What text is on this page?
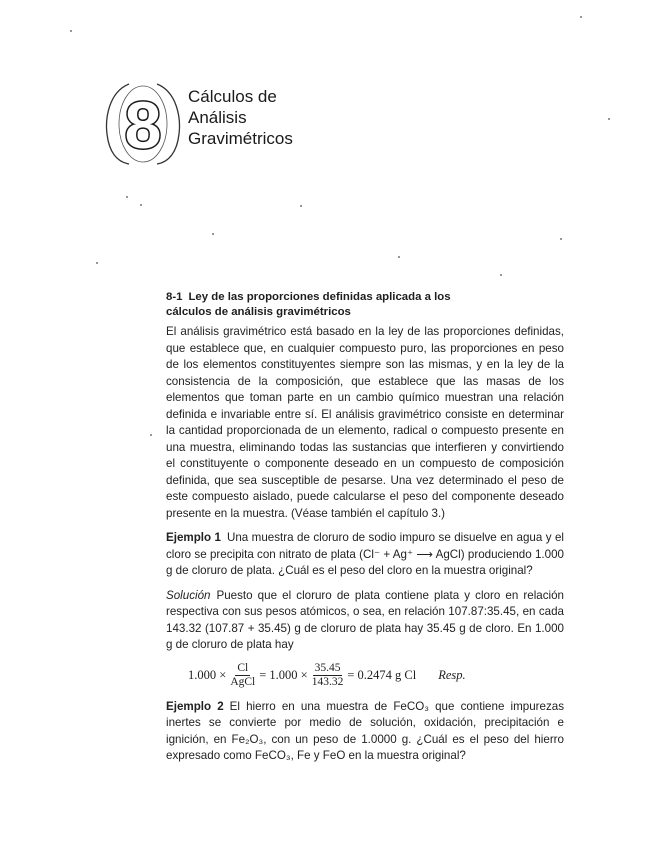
8 Cálculos de
Análisis
Gravimétricos
8-1 Ley de las proporciones definidas aplicada a los
cálculos de análisis gravimétricos

El análisis gravimétrico está basado en la ley de las proporciones definidas, que establece que, en cualquier compuesto puro, las proporciones en peso de los elementos constituyentes siempre son las mismas, y en la ley de la consistencia de la composición, que establece que las masas de los elementos que toman parte en un cambio químico muestran una relación definida e invariable entre sí. El análisis gravimétrico consiste en determinar la cantidad proporcionada de un elemento, radical o compuesto presente en una muestra, eliminando todas las sustancias que interfieren y convirtiendo el constituyente o componente deseado en un compuesto de composición definida, que sea susceptible de pesarse. Una vez determinado el peso de este compuesto aislado, puede calcularse el peso del componente deseado presente en la muestra. (Véase también el capítulo 3.)

Ejemplo 1 Una muestra de cloruro de sodio impuro se disuelve en agua y el cloro se precipita con nitrato de plata (Cl⁻ + Ag⁺ ⟶ AgCl) produciendo 1.000 g de cloruro de plata. ¿Cuál es el peso del cloro en la muestra original?

Solución Puesto que el cloruro de plata contiene plata y cloro en relación respectiva con sus pesos atómicos, o sea, en relación 107.87:35.45, en cada 143.32 (107.87 + 35.45) g de cloruro de plata hay 35.45 g de cloro. En 1.000 g de cloruro de plata hay

$1.000 \times \frac{Cl}{\text{AgCl}} = 1.000 \times \frac{35.45}{143.32} = 0.2474$ g Cl Resp.

Ejemplo 2 El hierro en una muestra de FeCO₃ que contiene impurezas inertes se convierte por medio de solución, oxidación, precipitación e ignición, en Fe₂O₃, con un peso de 1.0000 g. ¿Cuál es el peso del hierro expresado como FeCO₃, Fe y FeO en la muestra original?
